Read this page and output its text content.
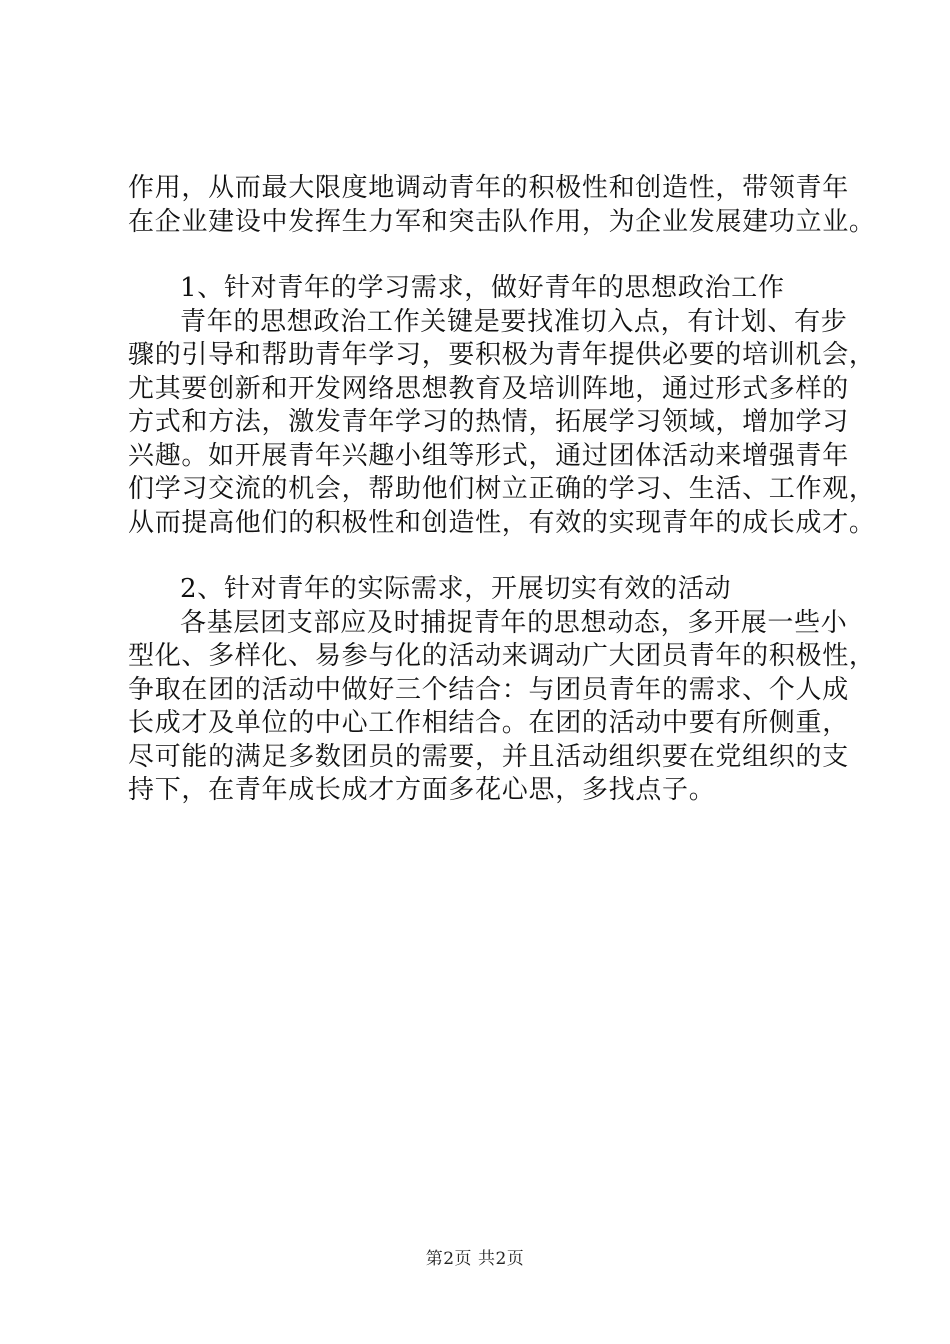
作用，从而最大限度地调动青年的积极性和创造性，带领青年
在企业建设中发挥生力军和突击队作用，为企业发展建功立业。
1、针对青年的学习需求，做好青年的思想政治工作
青年的思想政治工作关键是要找准切入点，有计划、有步
骤的引导和帮助青年学习，要积极为青年提供必要的培训机会，
尤其要创新和开发网络思想教育及培训阵地，通过形式多样的
方式和方法，激发青年学习的热情，拓展学习领域，增加学习
兴趣。如开展青年兴趣小组等形式，通过团体活动来增强青年
们学习交流的机会，帮助他们树立正确的学习、生活、工作观，
从而提高他们的积极性和创造性，有效的实现青年的成长成才。
2、针对青年的实际需求，开展切实有效的活动
各基层团支部应及时捕捉青年的思想动态，多开展一些小
型化、多样化、易参与化的活动来调动广大团员青年的积极性，
争取在团的活动中做好三个结合：与团员青年的需求、个人成
长成才及单位的中心工作相结合。在团的活动中要有所侧重，
尽可能的满足多数团员的需要，并且活动组织要在党组织的支
持下，在青年成长成才方面多花心思，多找点子。
第2页 共2页
